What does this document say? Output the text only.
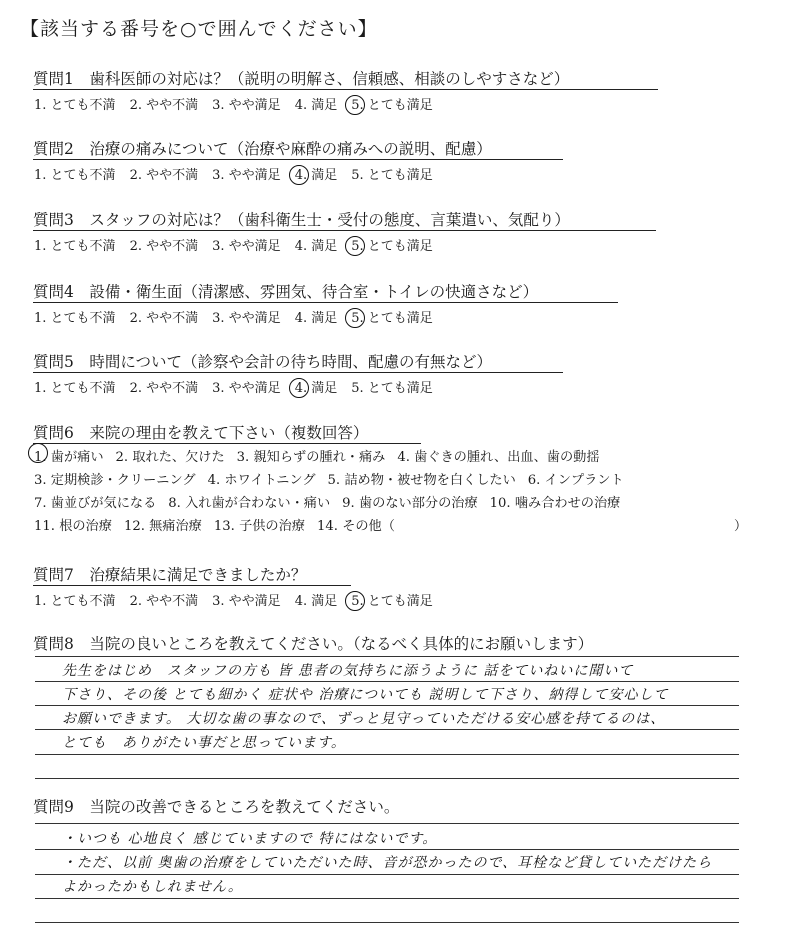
【該当する番号を○で囲んでください】
質問1　歯科医師の対応は？（説明の明解さ、信頼感、相談のしやすさなど）
1. とても不満 2. やや不満 3. やや満足 4. 満足 5. とても満足
質問2　治療の痛みについて（治療や麻酔の痛みへの説明、配慮）
1. とても不満 2. やや不満 3. やや満足 4. 満足 5. とても満足
質問3　スタッフの対応は？（歯科衛生士・受付の態度、言葉遣い、気配り）
1. とても不満 2. やや不満 3. やや満足 4. 満足 5. とても満足
質問4　設備・衛生面（清潔感、雰囲気、待合室・トイレの快適さなど）
1. とても不満 2. やや不満 3. やや満足 4. 満足 5. とても満足
質問5　時間について（診察や会計の待ち時間、配慮の有無など）
1. とても不満 2. やや不満 3. やや満足 4. 満足 5. とても満足
質問6　来院の理由を教えて下さい（複数回答）
1. 歯が痛い 2. 取れた、欠けた 3. 親知らずの腫れ・痛み 4. 歯ぐきの腫れ、出血、歯の動揺
3. 定期検診・クリーニング 4. ホワイトニング 5. 詰め物・被せ物を白くしたい 6. インプラント
7. 歯並びが気になる 8. 入れ歯が合わない・痛い 9. 歯のない部分の治療 10. 噛み合わせの治療
11. 根の治療 12. 無痛治療 13. 子供の治療 14. その他（	）
質問7　治療結果に満足できましたか？
1. とても不満 2. やや不満 3. やや満足 4. 満足 5. とても満足
質問8　当院の良いところを教えてください。（なるべく具体的にお願いします）
先生をはじめ　スタッフの方も 皆 患者の気持ちに添うように 話をていねいに聞いて
下さり、その後 とても細かく 症状や 治療についても 説明して下さり、納得して安心して
お願いできます。 大切な歯の事なので、ずっと見守っていただける安心感を持てるのは、
とても　ありがたい事だと思っています。
質問9　当院の改善できるところを教えてください。
・いつも 心地良く 感じていますので 特にはないです。
・ただ、以前 奥歯の治療をしていただいた時、音が恐かったので、耳栓など貸していただけたら
よかったかもしれません。
